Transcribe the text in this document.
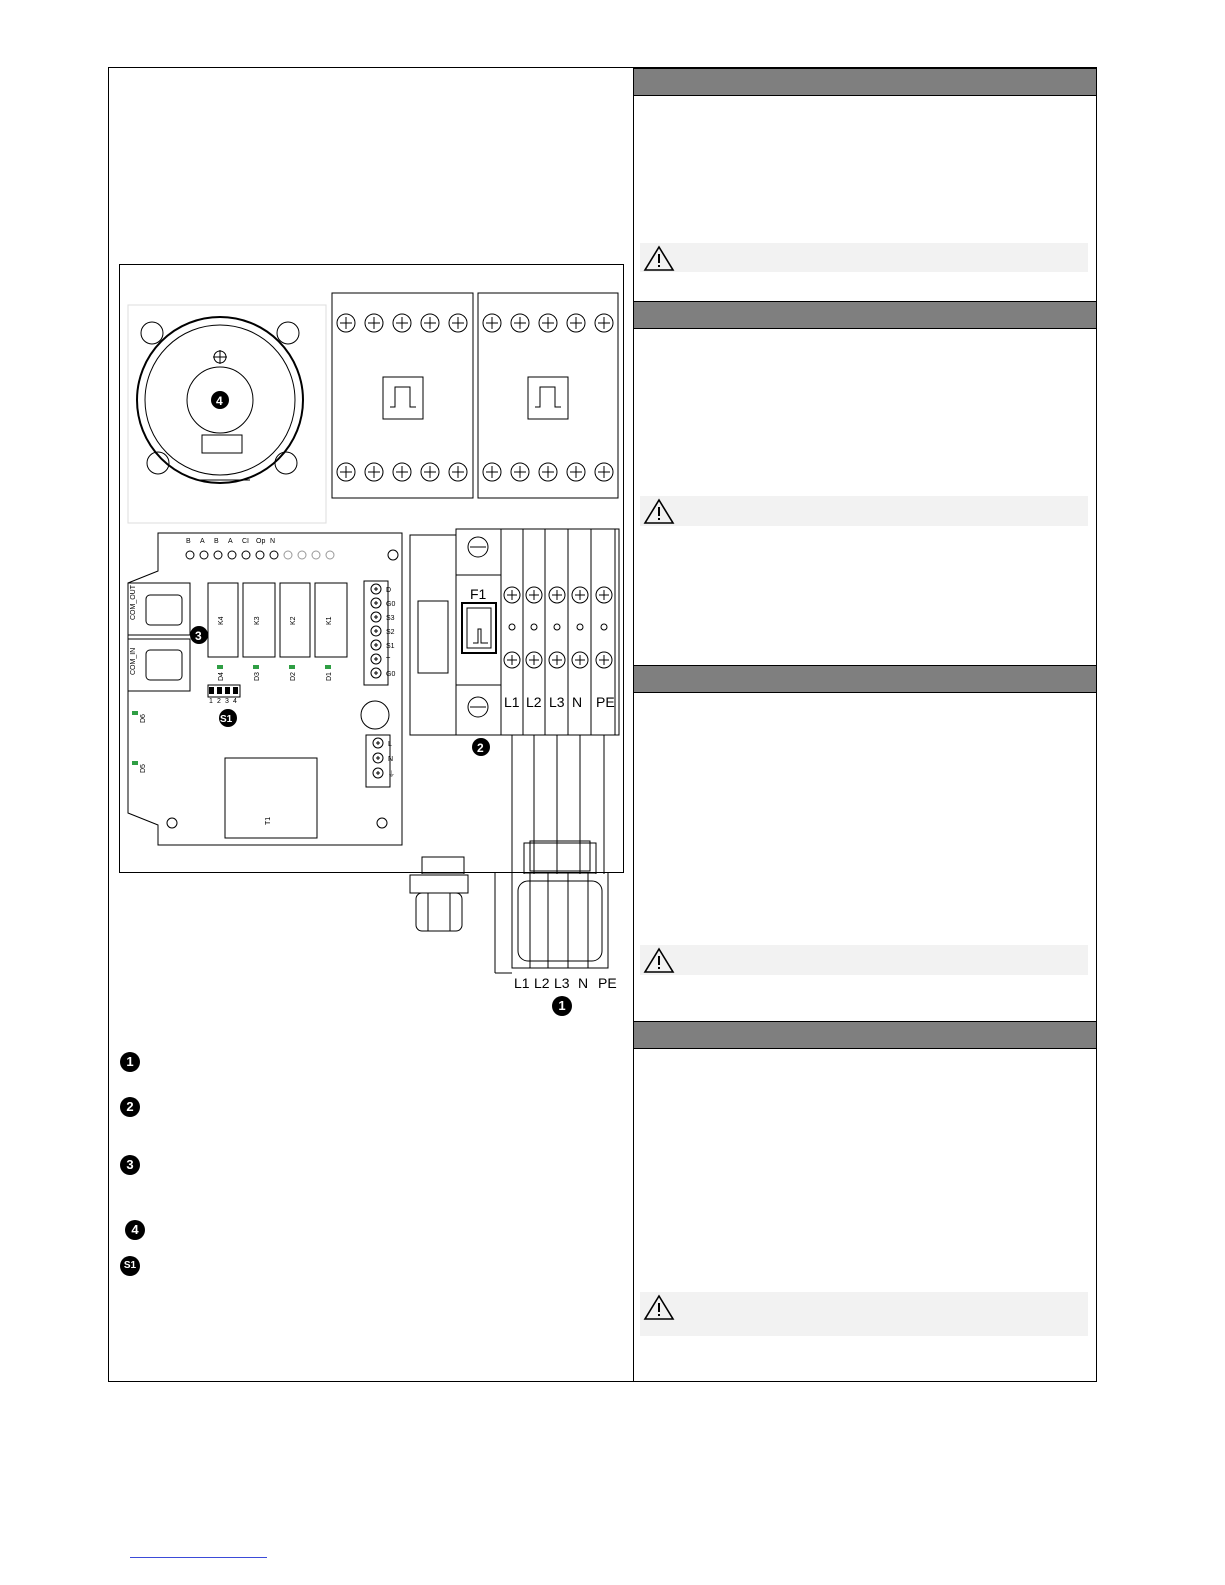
4
B A B A CI Op N
COM_OUT
COM_IN
T1
K4	K3	K2	K1
D4	D3	D2	D1
D6
D5
1 2 3 4
D
G0
S3
S2
S1
T
G0
L
N
⏚
3
S1
F1
2
L1 L2 L3 N PE
L1 L2 L3 N PE
1
1
2
3
4
S1
